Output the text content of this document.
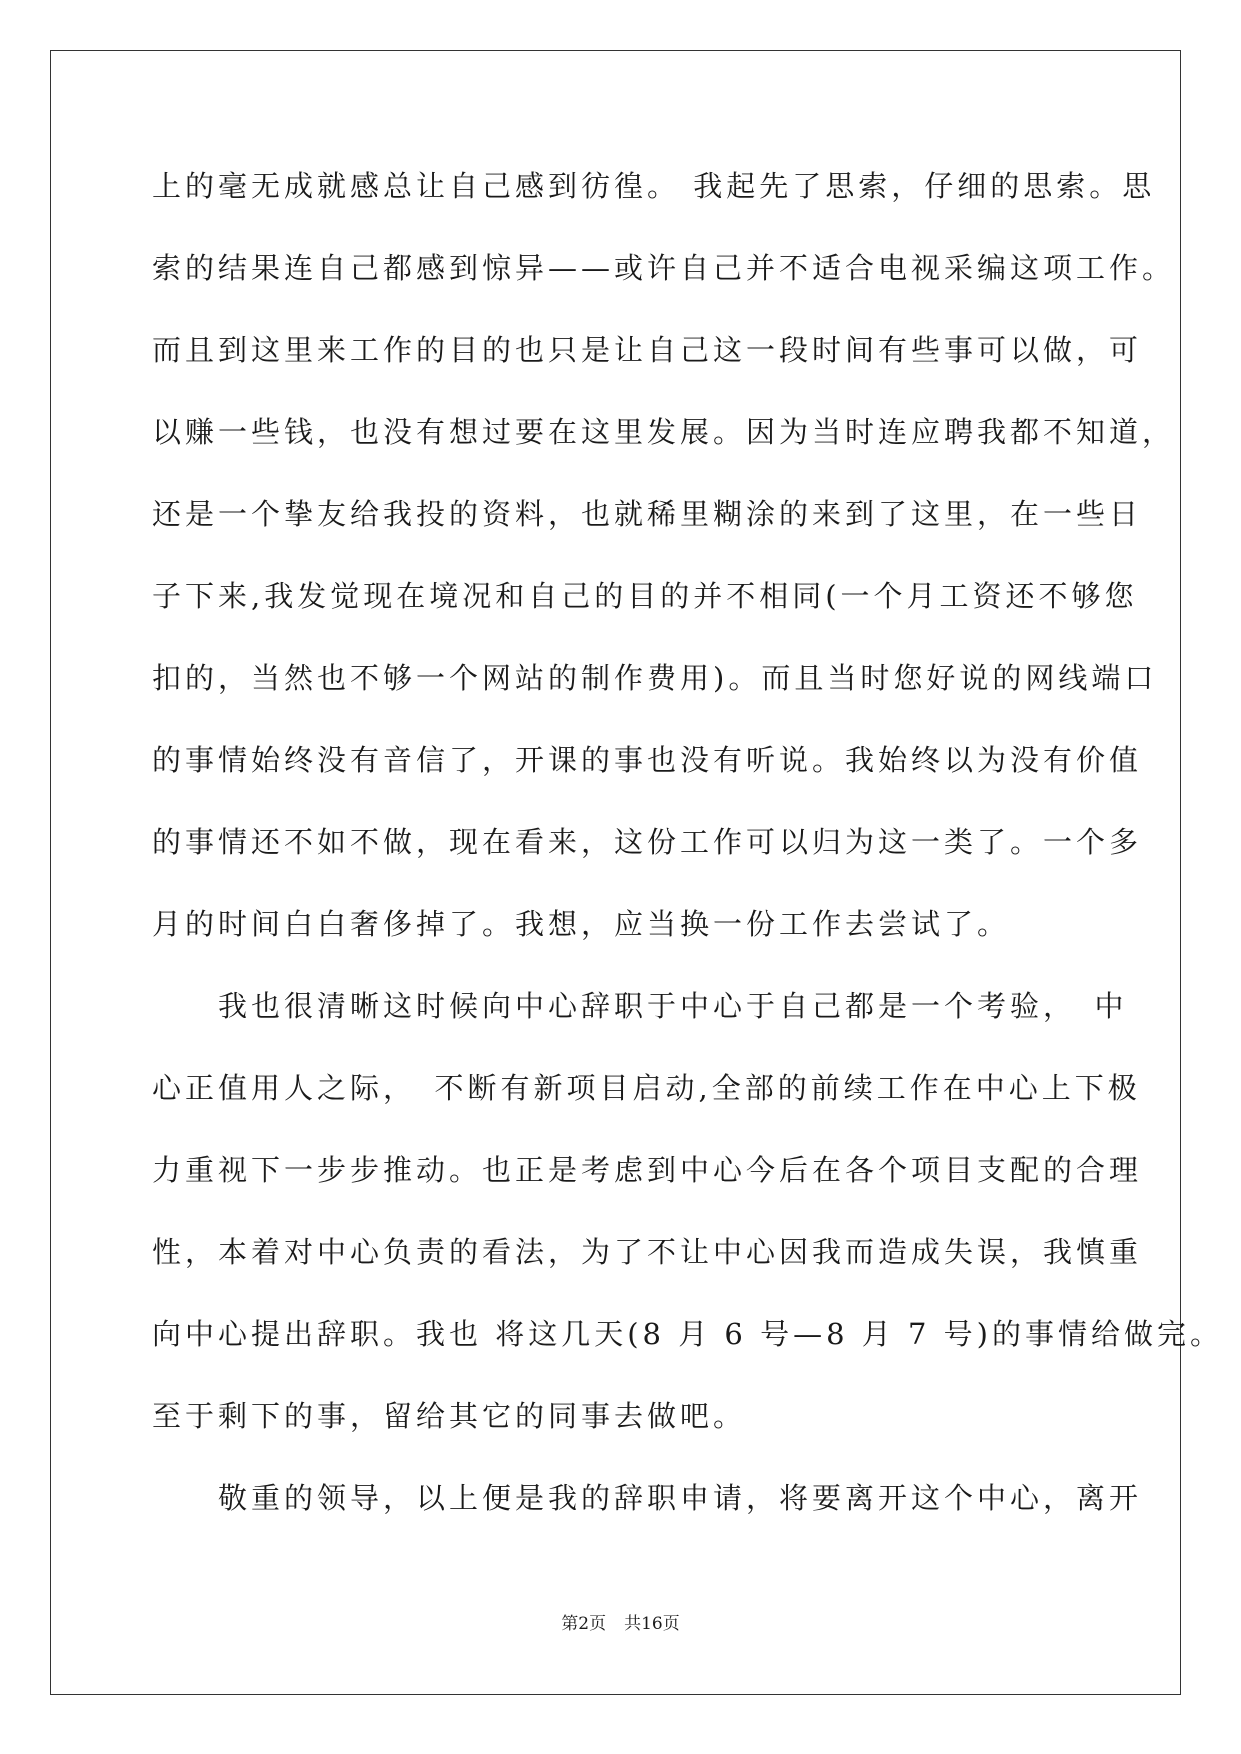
上的毫无成就感总让自己感到彷徨。 我起先了思索，仔细的思索。思
索的结果连自己都感到惊异——或许自己并不适合电视采编这项工作。
而且到这里来工作的目的也只是让自己这一段时间有些事可以做，可
以赚一些钱，也没有想过要在这里发展。因为当时连应聘我都不知道，
还是一个挚友给我投的资料，也就稀里糊涂的来到了这里，在一些日
子下来,我发觉现在境况和自己的目的并不相同(一个月工资还不够您
扣的，当然也不够一个网站的制作费用)。而且当时您好说的网线端口
的事情始终没有音信了，开课的事也没有听说。我始终以为没有价值
的事情还不如不做，现在看来，这份工作可以归为这一类了。一个多
月的时间白白奢侈掉了。我想，应当换一份工作去尝试了。
　　我也很清晰这时候向中心辞职于中心于自己都是一个考验，　中
心正值用人之际，　不断有新项目启动,全部的前续工作在中心上下极
力重视下一步步推动。也正是考虑到中心今后在各个项目支配的合理
性，本着对中心负责的看法，为了不让中心因我而造成失误，我慎重
向中心提出辞职。我也 将这几天(8 月 6 号—8 月 7 号)的事情给做完。
至于剩下的事，留给其它的同事去做吧。
　　敬重的领导，以上便是我的辞职申请，将要离开这个中心，离开
第2页 共16页
